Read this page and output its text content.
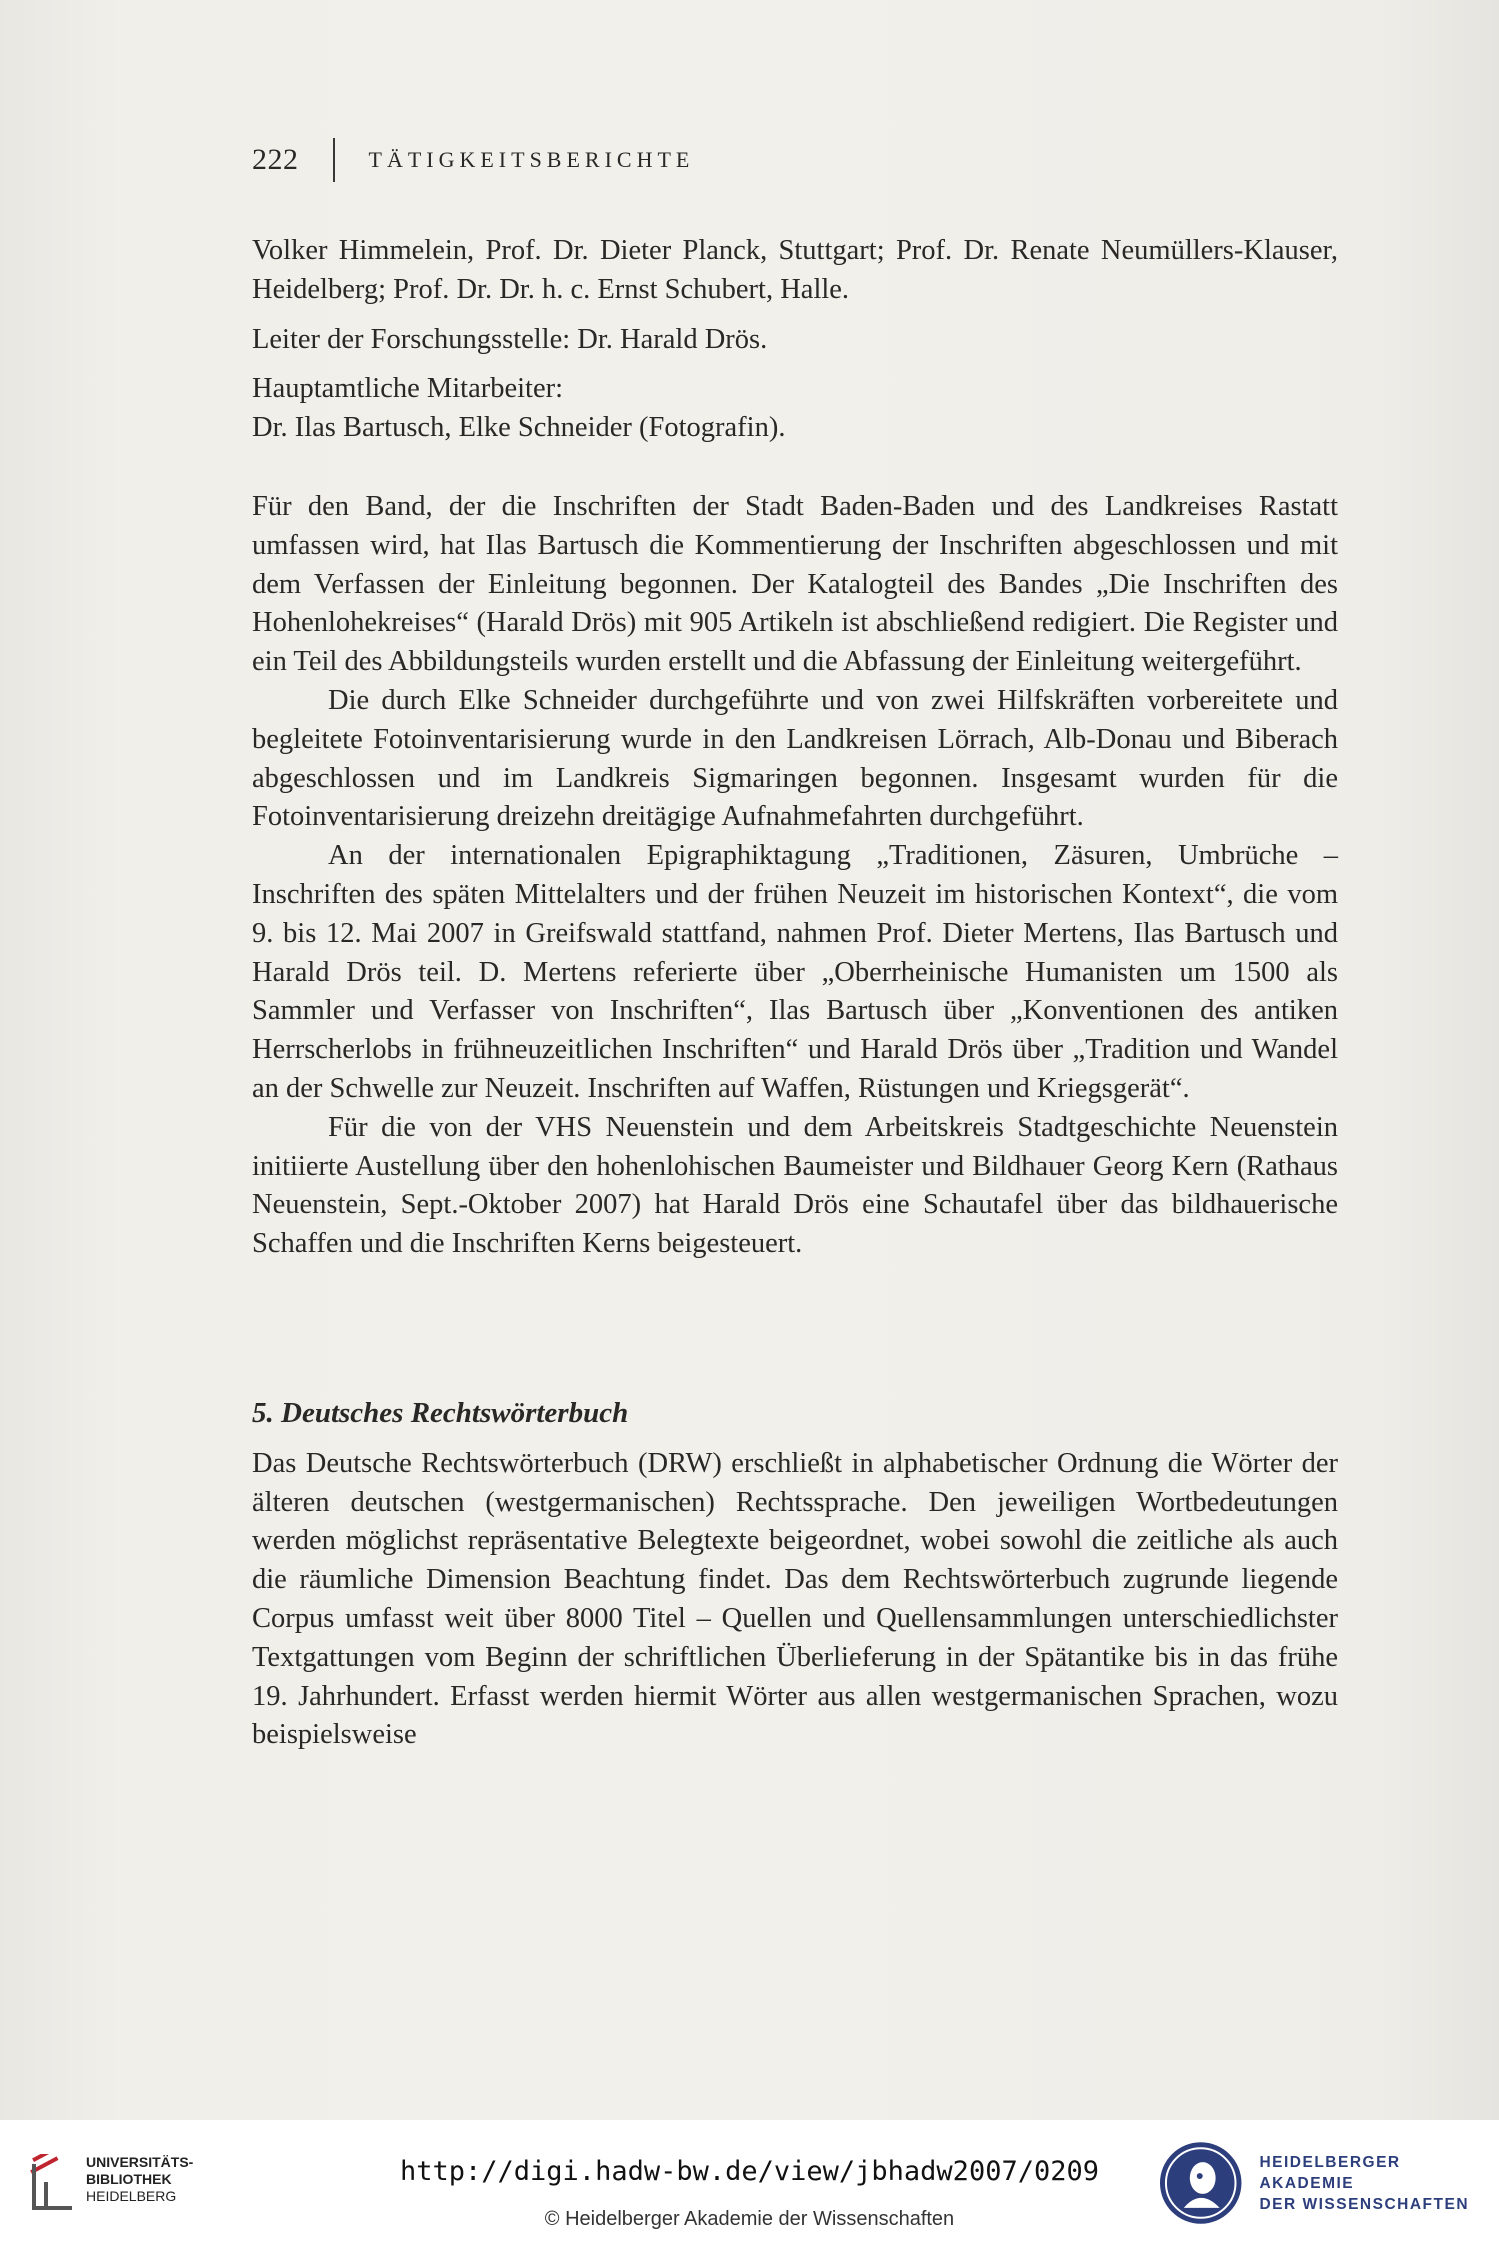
222	TÄTIGKEITSBERICHTE

Volker Himmelein, Prof. Dr. Dieter Planck, Stuttgart; Prof. Dr. Renate Neumüllers-Klauser, Heidelberg; Prof. Dr. Dr. h. c. Ernst Schubert, Halle.

Leiter der Forschungsstelle: Dr. Harald Drös.

Hauptamtliche Mitarbeiter:

Dr. Ilas Bartusch, Elke Schneider (Fotografin).

Für den Band, der die Inschriften der Stadt Baden-Baden und des Landkreises Rastatt umfassen wird, hat Ilas Bartusch die Kommentierung der Inschriften abgeschlossen und mit dem Verfassen der Einleitung begonnen. Der Katalogteil des Bandes „Die Inschriften des Hohenlohekreises“ (Harald Drös) mit 905 Artikeln ist abschließend redigiert. Die Register und ein Teil des Abbildungsteils wurden erstellt und die Abfassung der Einleitung weitergeführt.

Die durch Elke Schneider durchgeführte und von zwei Hilfskräften vorbereitete und begleitete Fotoinventarisierung wurde in den Landkreisen Lörrach, Alb-Donau und Biberach abgeschlossen und im Landkreis Sigmaringen begonnen. Insgesamt wurden für die Fotoinventarisierung dreizehn dreitägige Aufnahmefahrten durchgeführt.

An der internationalen Epigraphiktagung „Traditionen, Zäsuren, Umbrüche – Inschriften des späten Mittelalters und der frühen Neuzeit im historischen Kontext“, die vom 9. bis 12. Mai 2007 in Greifswald stattfand, nahmen Prof. Dieter Mertens, Ilas Bartusch und Harald Drös teil. D. Mertens referierte über „Oberrheinische Humanisten um 1500 als Sammler und Verfasser von Inschriften“, Ilas Bartusch über „Konventionen des antiken Herrscherlobs in frühneuzeitlichen Inschriften“ und Harald Drös über „Tradition und Wandel an der Schwelle zur Neuzeit. Inschriften auf Waffen, Rüstungen und Kriegsgerät“.

Für die von der VHS Neuenstein und dem Arbeitskreis Stadtgeschichte Neuenstein initiierte Austellung über den hohenlohischen Baumeister und Bildhauer Georg Kern (Rathaus Neuenstein, Sept.-Oktober 2007) hat Harald Drös eine Schautafel über das bildhauerische Schaffen und die Inschriften Kerns beigesteuert.

5. Deutsches Rechtswörterbuch

Das Deutsche Rechtswörterbuch (DRW) erschließt in alphabetischer Ordnung die Wörter der älteren deutschen (westgermanischen) Rechtssprache. Den jeweiligen Wortbedeutungen werden möglichst repräsentative Belegtexte beigeordnet, wobei sowohl die zeitliche als auch die räumliche Dimension Beachtung findet. Das dem Rechtswörterbuch zugrunde liegende Corpus umfasst weit über 8000 Titel – Quellen und Quellensammlungen unterschiedlichster Textgattungen vom Beginn der schriftlichen Überlieferung in der Spätantike bis in das frühe 19. Jahrhundert. Erfasst werden hiermit Wörter aus allen westgermanischen Sprachen, wozu beispielsweise

UNIVERSITÄTS-
BIBLIOTHEK
HEIDELBERG
http://digi.hadw-bw.de/view/jbhadw2007/0209
© Heidelberger Akademie der Wissenschaften
HEIDELBERGER AKADEMIE
DER WISSENSCHAFTEN
